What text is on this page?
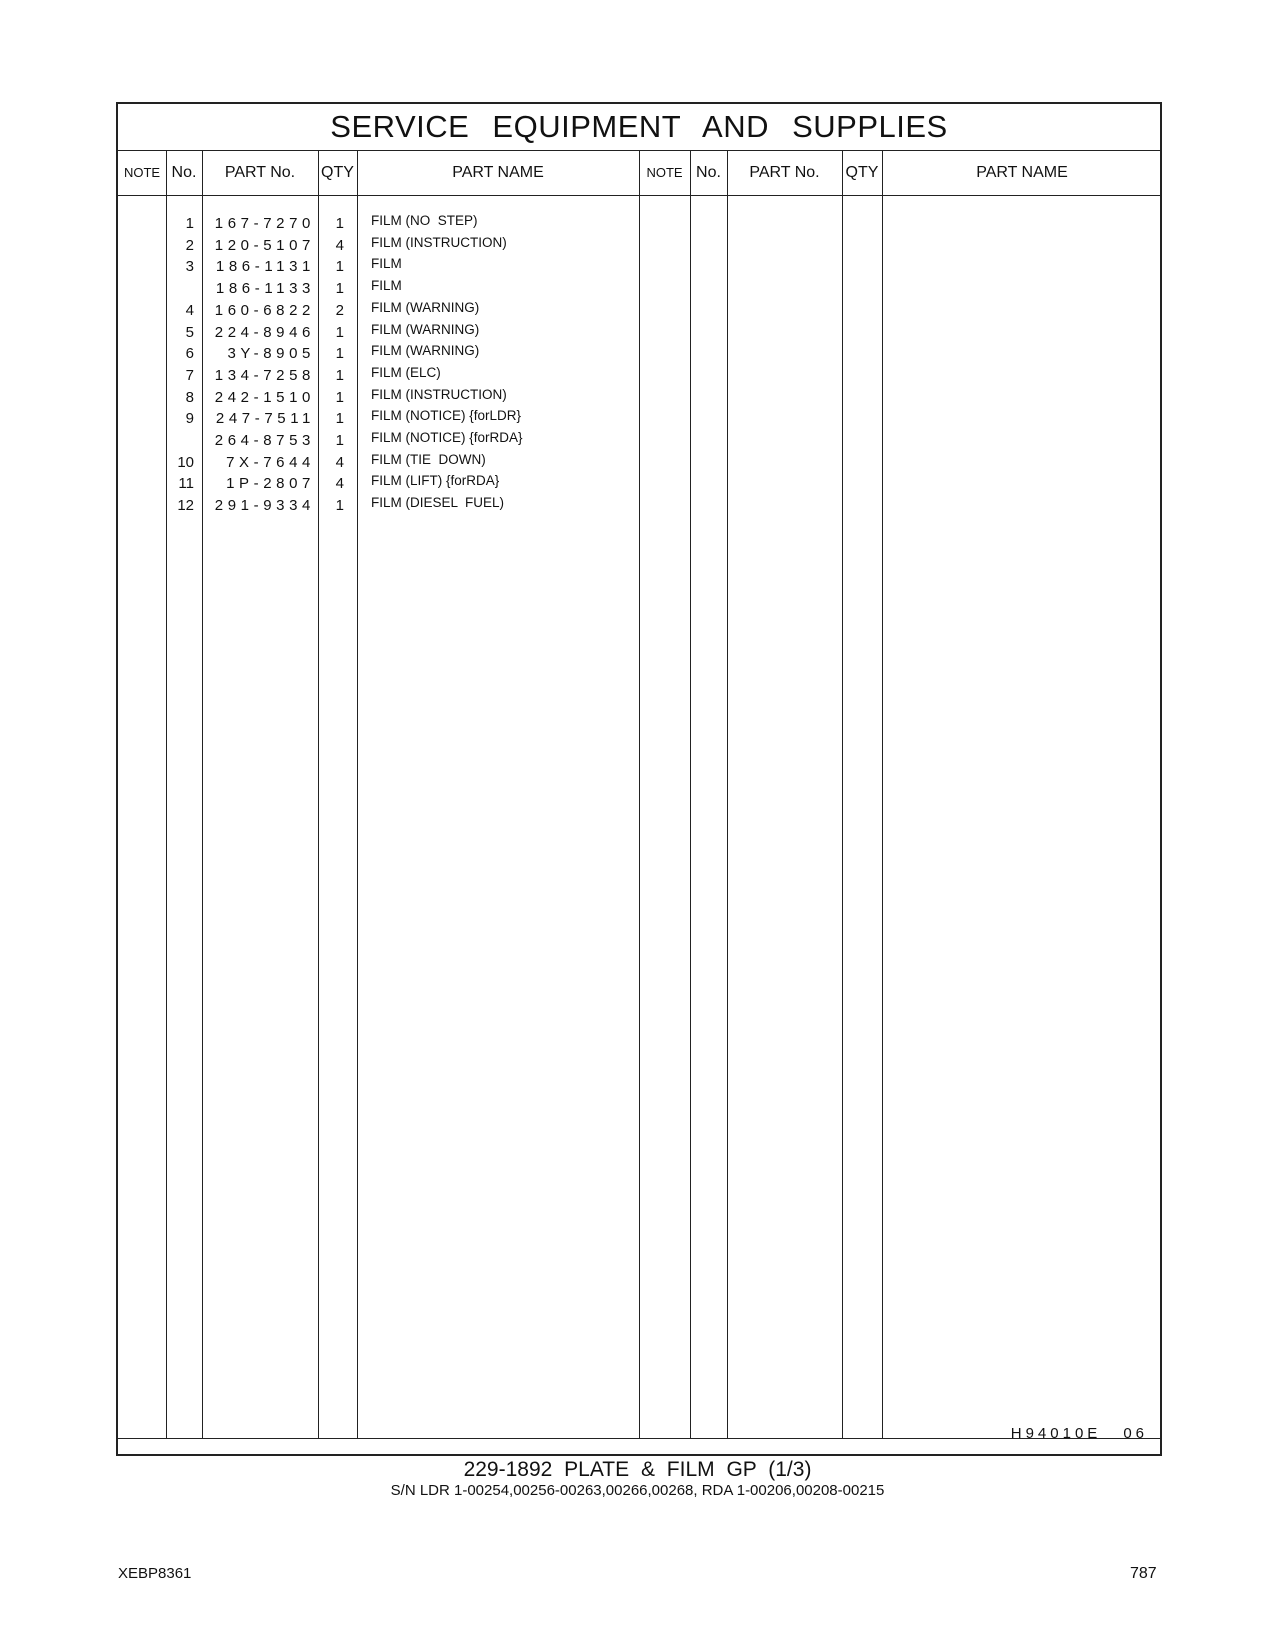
SERVICE EQUIPMENT AND SUPPLIES
NOTE No.	PART No.	QTY	PART NAME	NOTE No.	PART No.	QTY	PART NAME
1	167-7270	1 FILM (NO  STEP)
2	120-5107	4 FILM (INSTRUCTION)
3	186-1131	1 FILM
186-1133	1 FILM
4	160-6822	2 FILM (WARNING)
5	224-8946	1 FILM (WARNING)
6	3Y-8905	1 FILM (WARNING)
7	134-7258	1 FILM (ELC)
8	242-1510	1 FILM (INSTRUCTION)
9	247-7511	1 FILM (NOTICE) {forLDR}
264-8753	1 FILM (NOTICE) {forRDA}
10	7X-7644	4 FILM (TIE  DOWN)
11	1P-2807	4 FILM (LIFT) {forRDA}
12	291-9334	1 FILM (DIESEL  FUEL)
H94010E 06
229-1892 PLATE & FILM GP (1/3)
S/N LDR 1-00254,00256-00263,00266,00268, RDA 1-00206,00208-00215
XEBP8361	787
